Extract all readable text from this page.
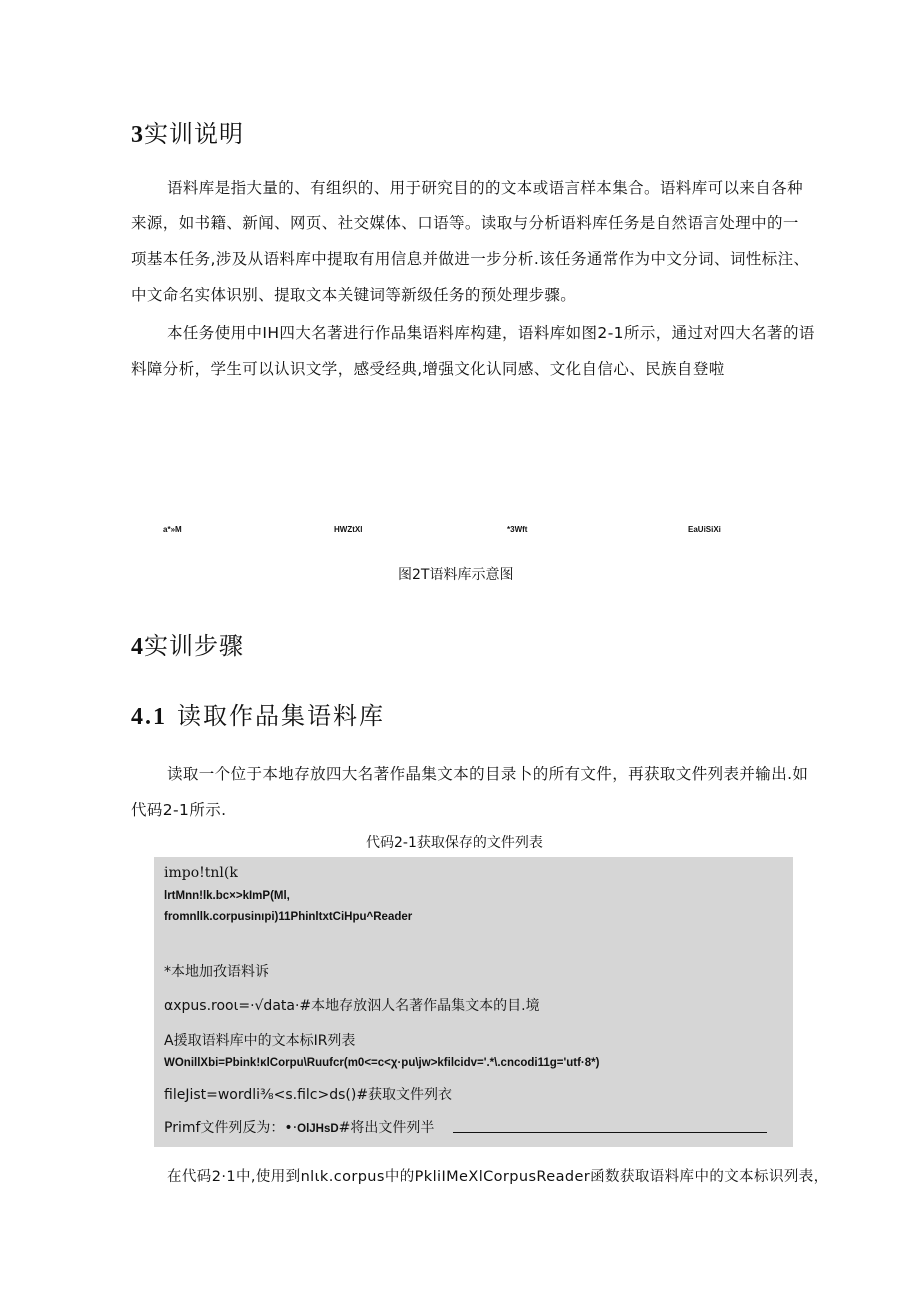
3实训说明
语料库是指大量的、有组织的、用于研究目的的文本或语言样本集合。语料库可以来自各种
来源，如书籍、新闻、网页、社交媒体、口语等。读取与分析语料库任务是自然语言处理中的一
项基本任务,涉及从语料库中提取有用信息并做进一步分析.该任务通常作为中文分词、词性标注、
中文命名实体识别、提取文本关键词等新级任务的预处理步骤。
本任务使用中IH四大名著进行作品集语料库构建，语料库如图2-1所示，通过对四大名著的语
料障分析，学生可以认识文学，感受经典,增强文化认同感、文化自信心、民族自登啦
a*»M	HWZtXl	*3Wft	EaUiSiXi
图2T语料库示意图
4实训步骤
4.1 读取作品集语料库
读取一个位于本地存放四大名著作晶集文本的目录卜的所有文件，再获取文件列表并输出.如
代码2-1所示.
代码2-1获取保存的文件列表
impo!tnl(k
lrtMnn!lk.bc×>kImP(Ml,
fromnllk.corpusinıpi)11PhinltxtCiHpu^Reader
*本地加孜语料诉
αxpus.rooι=·√data·#本地存放泅人名著作晶集文本的目.境
A援取语料库中的文本标IR列表
WOnillXbi=Pbink!κlCorpu\Ruufcr(m0<=c<χ·pu\jw>kfilcidv='.*\.cncodi11g='utf·8*)
fileJist=wordli⅜<s.filc>ds()#获取文件列衣
Primf文件列反为：•·OlJHsD#将出文件列半
在代码2·1中,使用到nlιk.corpus中的PkliIMeXlCorpusReader函数获取语料库中的文本标识列表，
